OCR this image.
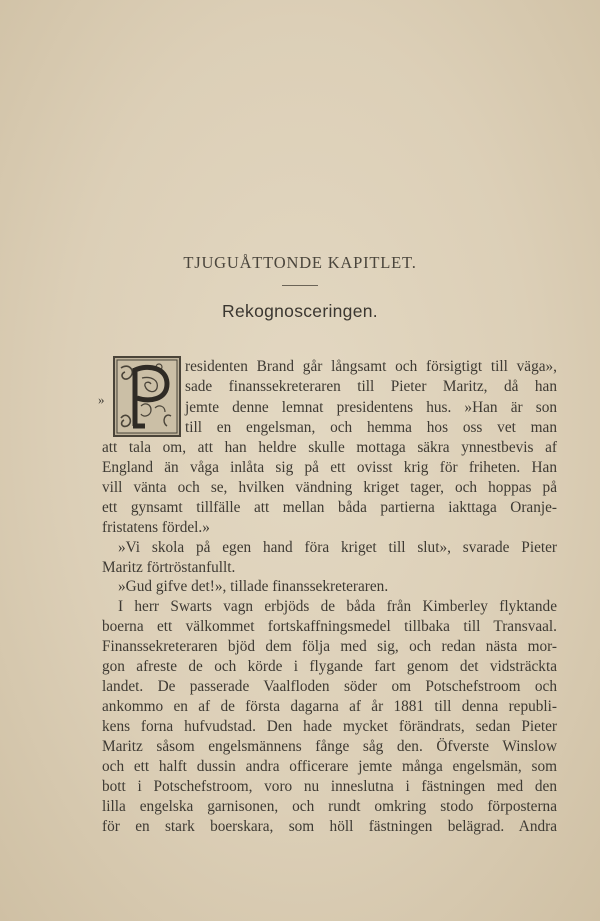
TJUGUÅTTONDE KAPITLET.
Rekognosceringen.
»
residenten Brand går långsamt och försigtigt till väga»,
sade finanssekreteraren till Pieter Maritz, då han
jemte denne lemnat presidentens hus. »Han är son
till en engelsman, och hemma hos oss vet man
att tala om, att han heldre skulle mottaga säkra ynnestbevis af
England än våga inlåta sig på ett ovisst krig för friheten. Han
vill vänta och se, hvilken vändning kriget tager, och hoppas på
ett gynsamt tillfälle att mellan båda partierna iakttaga Oranje-
fristatens fördel.»
»Vi skola på egen hand föra kriget till slut», svarade Pieter
Maritz förtröstanfullt.
»Gud gifve det!», tillade finanssekreteraren.
I herr Swarts vagn erbjöds de båda från Kimberley flyktande
boerna ett välkommet fortskaffningsmedel tillbaka till Transvaal.
Finanssekreteraren bjöd dem följa med sig, och redan nästa mor-
gon afreste de och körde i flygande fart genom det vidsträckta
landet. De passerade Vaalfloden söder om Potschefstroom och
ankommo en af de första dagarna af år 1881 till denna republi-
kens forna hufvudstad. Den hade mycket förändrats, sedan Pieter
Maritz såsom engelsmännens fånge såg den. Öfverste Winslow
och ett halft dussin andra officerare jemte många engelsmän, som
bott i Potschefstroom, voro nu inneslutna i fästningen med den
lilla engelska garnisonen, och rundt omkring stodo förposterna
för en stark boerskara, som höll fästningen belägrad. Andra
